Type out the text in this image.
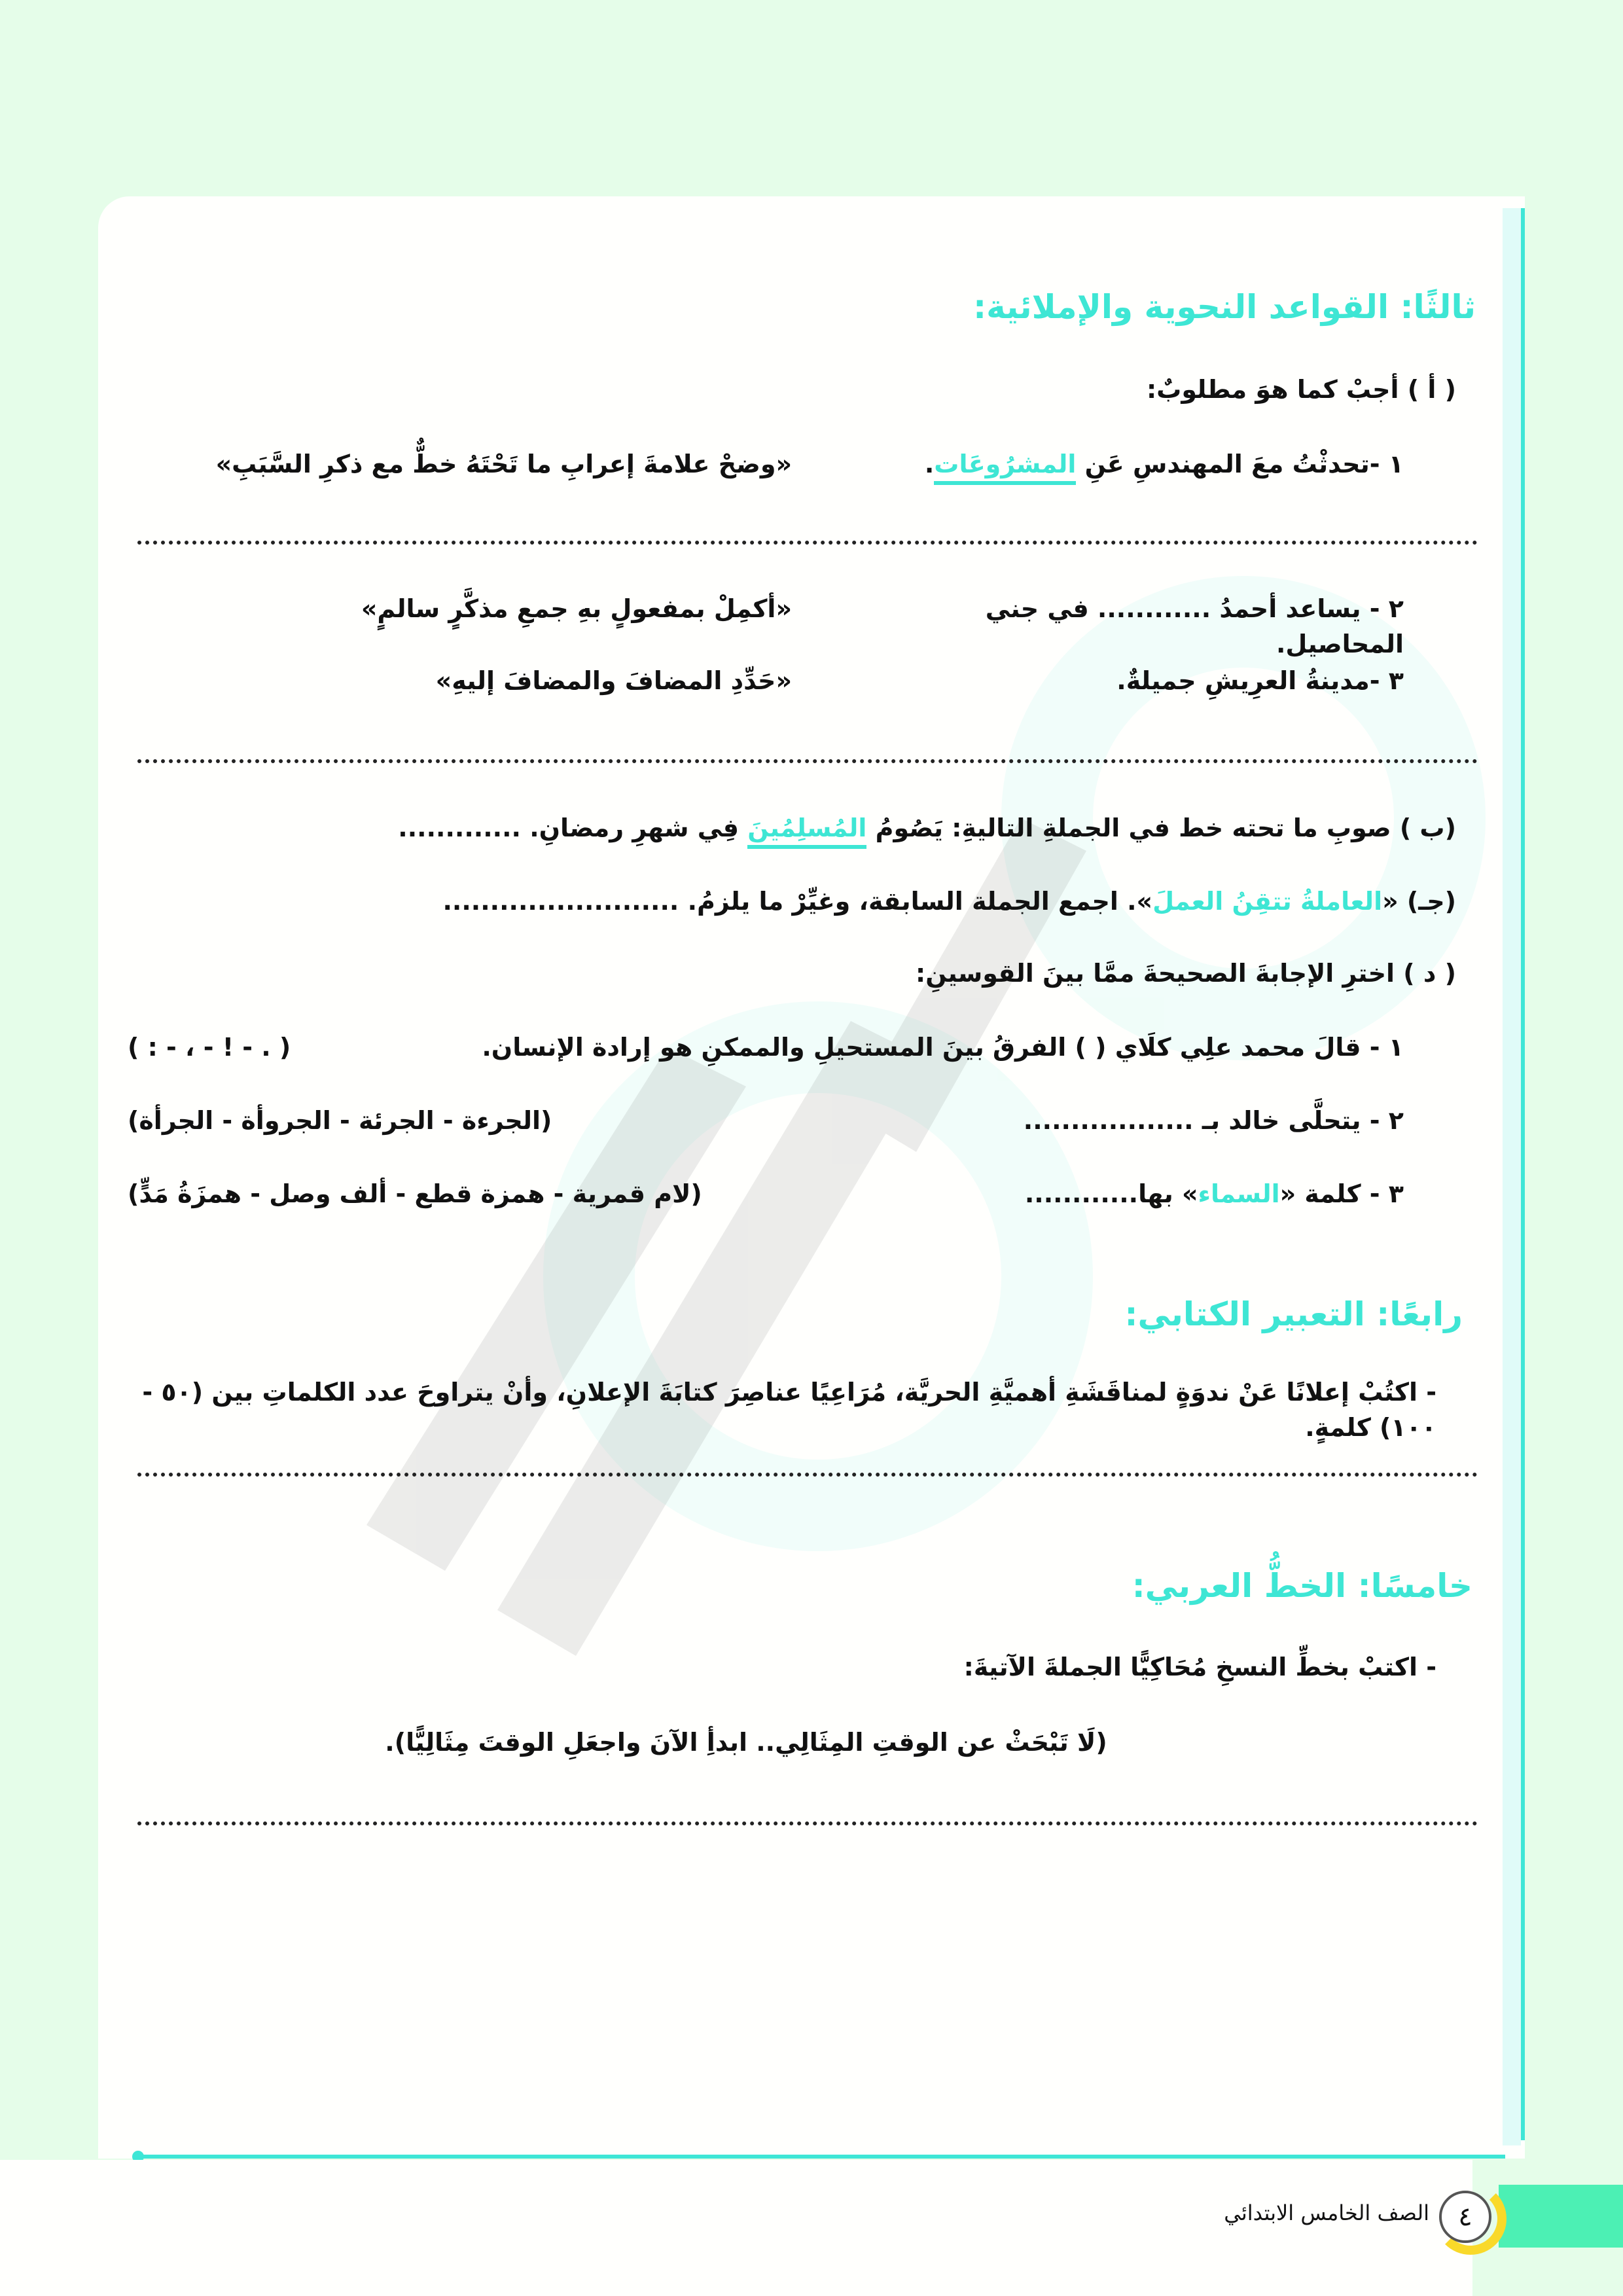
ثالثًا: القواعد النحوية والإملائية:
( أ ) أجبْ كما هوَ مطلوبٌ:
١ -تحدثْتُ معَ المهندسِ عَنِ المشرُوعَات.
«وضحْ علامةَ إعرابِ ما تَحْتَهُ خطٌّ مع ذكرِ السَّبَبِ»
٢ - يساعد أحمدُ ............ في جني المحاصيل.
«أكمِلْ بمفعولٍ بهِ جمعِ مذكَّرٍ سالمٍ»
٣ -مدينةُ العرِيشِ جميلةٌ.
«حَدِّدِ المضافَ والمضافَ إليهِ»
(ب ) صوبِ ما تحته خط في الجملةِ التاليةِ: يَصُومُ المُسلِمُينَ فِي شهرِ رمضانِ. .............
(جـ) «العاملةُ تتقِنُ العملَ». اجمع الجملة السابقة، وغيِّرْ ما يلزمُ. .........................
( د ) اخترِ الإجابةَ الصحيحةَ ممَّا بينَ القوسينِ:
١ - قالَ محمد علِي كلَاي ( ) الفرقُ بينَ المستحيلِ والممكنِ هو إرادة الإنسان.
( . - ! - ، - : )
٢ - يتحلَّى خالد بـ ..................
(الجرءة - الجرئة - الجروأة - الجرأة)
٣ - كلمة «السماء» بها............
(لام قمرية - همزة قطع - ألف وصل - همزَةُ مَدٍّ)
رابعًا: التعبير الكتابي:
- اكتُبْ إعلانًا عَنْ ندوَةٍ لمناقَشَةِ أهميَّةِ الحريَّة، مُرَاعِيًا عناصِرَ كتابَةَ الإعلانِ، وأنْ يتراوحَ عدد الكلماتِ بين (٥٠ - ١٠٠) كلمةٍ.
خامسًا: الخطُّ العربي:
- اكتبْ بخطِّ النسخِ مُحَاكِيًّا الجملةَ الآتيةَ:
(لَا تَبْحَثْ عن الوقتِ المِثَالِي.. ابدأِ الآنَ واجعَلِ الوقتَ مِثَالِيًّا).
٤
الصف الخامس الابتدائي
